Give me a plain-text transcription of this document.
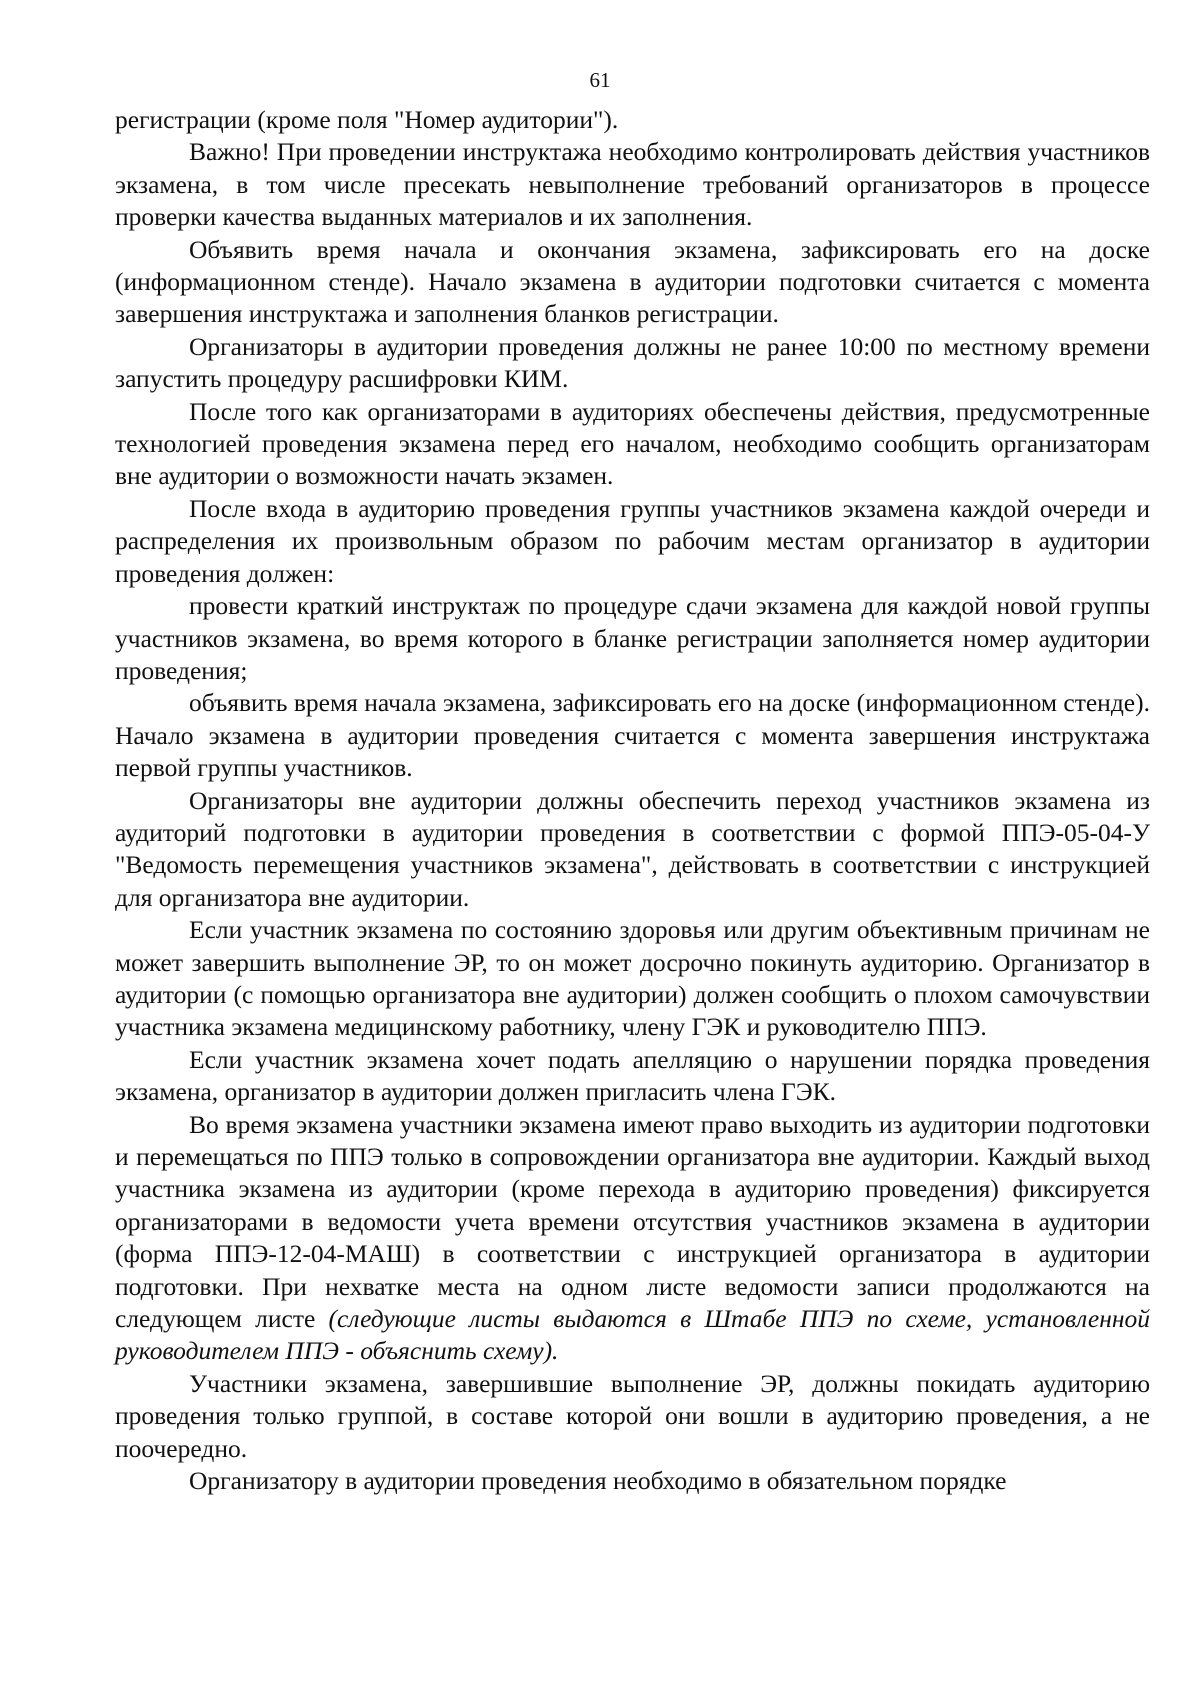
61

регистрации (кроме поля "Номер аудитории").

Важно! При проведении инструктажа необходимо контролировать действия участников экзамена, в том числе пресекать невыполнение требований организаторов в процессе проверки качества выданных материалов и их заполнения.

Объявить время начала и окончания экзамена, зафиксировать его на доске (информационном стенде). Начало экзамена в аудитории подготовки считается с момента завершения инструктажа и заполнения бланков регистрации.

Организаторы в аудитории проведения должны не ранее 10:00 по местному времени запустить процедуру расшифровки КИМ.

После того как организаторами в аудиториях обеспечены действия, предусмотренные технологией проведения экзамена перед его началом, необходимо сообщить организаторам вне аудитории о возможности начать экзамен.

После входа в аудиторию проведения группы участников экзамена каждой очереди и распределения их произвольным образом по рабочим местам организатор в аудитории проведения должен:

провести краткий инструктаж по процедуре сдачи экзамена для каждой новой группы участников экзамена, во время которого в бланке регистрации заполняется номер аудитории проведения;

объявить время начала экзамена, зафиксировать его на доске (информационном стенде). Начало экзамена в аудитории проведения считается с момента завершения инструктажа первой группы участников.

Организаторы вне аудитории должны обеспечить переход участников экзамена из аудиторий подготовки в аудитории проведения в соответствии с формой ППЭ-05-04-У "Ведомость перемещения участников экзамена", действовать в соответствии с инструкцией для организатора вне аудитории.

Если участник экзамена по состоянию здоровья или другим объективным причинам не может завершить выполнение ЭР, то он может досрочно покинуть аудиторию. Организатор в аудитории (с помощью организатора вне аудитории) должен сообщить о плохом самочувствии участника экзамена медицинскому работнику, члену ГЭК и руководителю ППЭ.

Если участник экзамена хочет подать апелляцию о нарушении порядка проведения экзамена, организатор в аудитории должен пригласить члена ГЭК.

Во время экзамена участники экзамена имеют право выходить из аудитории подготовки и перемещаться по ППЭ только в сопровождении организатора вне аудитории. Каждый выход участника экзамена из аудитории (кроме перехода в аудиторию проведения) фиксируется организаторами в ведомости учета времени отсутствия участников экзамена в аудитории (форма ППЭ-12-04-МАШ) в соответствии с инструкцией организатора в аудитории подготовки. При нехватке места на одном листе ведомости записи продолжаются на следующем листе (следующие листы выдаются в Штабе ППЭ по схеме, установленной руководителем ППЭ - объяснить схему).

Участники экзамена, завершившие выполнение ЭР, должны покидать аудиторию проведения только группой, в составе которой они вошли в аудиторию проведения, а не поочередно.

Организатору в аудитории проведения необходимо в обязательном порядке
